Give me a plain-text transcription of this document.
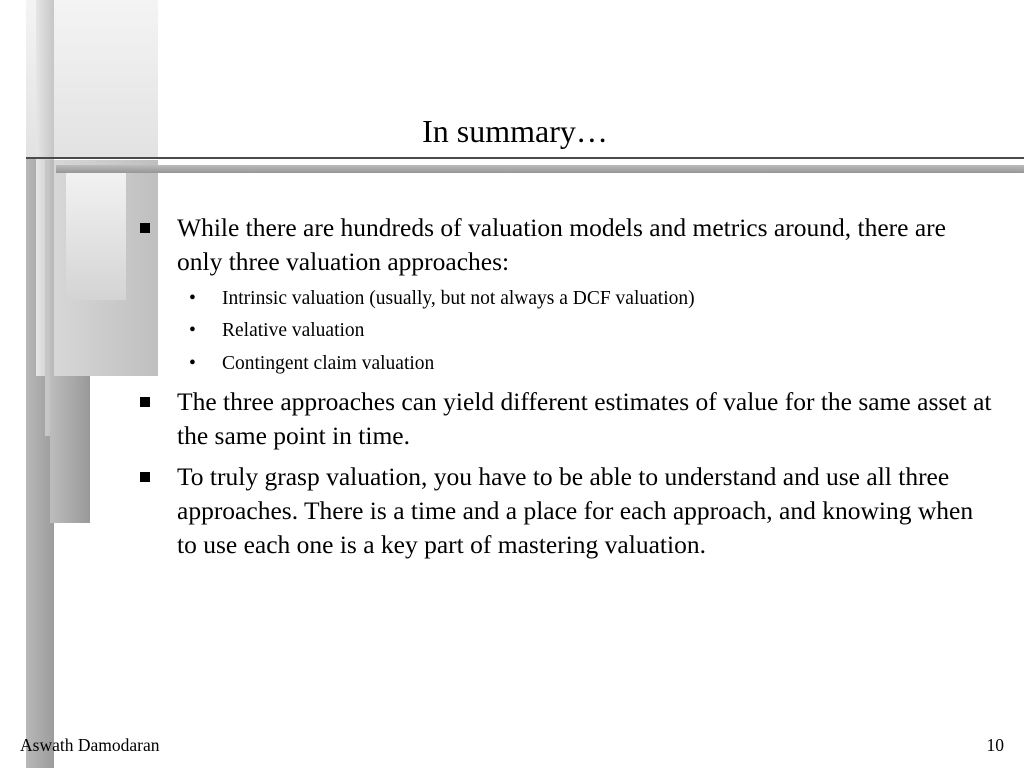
In summary…
While there are hundreds of valuation models and metrics around, there are only three valuation approaches:
• Intrinsic valuation (usually, but not always a DCF valuation)
• Relative valuation
• Contingent claim valuation
The three approaches can yield different estimates of value for the same asset at the same point in time.
To truly grasp valuation, you have to be able to understand and use all three approaches. There is a time and a place for each approach, and knowing when to use each one is a key part of mastering valuation.
Aswath Damodaran	10
